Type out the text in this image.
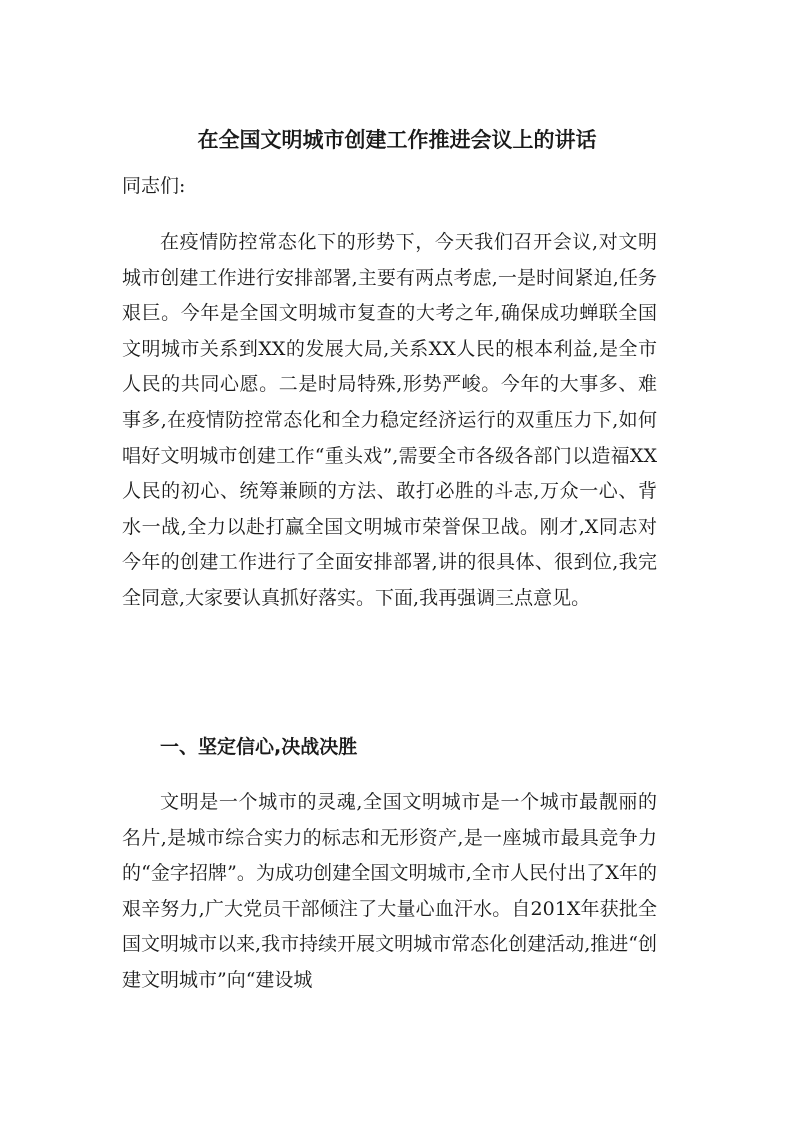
在全国文明城市创建工作推进会议上的讲话
同志们:

在疫情防控常态化下的形势下，今天我们召开会议,对文明城市创建工作进行安排部署,主要有两点考虑,一是时间紧迫,任务艰巨。今年是全国文明城市复查的大考之年,确保成功蝉联全国文明城市关系到XX的发展大局,关系XX人民的根本利益,是全市人民的共同心愿。二是时局特殊,形势严峻。今年的大事多、难事多,在疫情防控常态化和全力稳定经济运行的双重压力下,如何唱好文明城市创建工作“重头戏”,需要全市各级各部门以造福XX人民的初心、统筹兼顾的方法、敢打必胜的斗志,万众一心、背水一战,全力以赴打赢全国文明城市荣誉保卫战。刚才,X同志对今年的创建工作进行了全面安排部署,讲的很具体、很到位,我完全同意,大家要认真抓好落实。下面,我再强调三点意见。

一、坚定信心,决战决胜

文明是一个城市的灵魂,全国文明城市是一个城市最靓丽的名片,是城市综合实力的标志和无形资产,是一座城市最具竞争力的“金字招牌”。为成功创建全国文明城市,全市人民付出了X年的艰辛努力,广大党员干部倾注了大量心血汗水。自201X年获批全国文明城市以来,我市持续开展文明城市常态化创建活动,推进“创建文明城市”向“建设城
